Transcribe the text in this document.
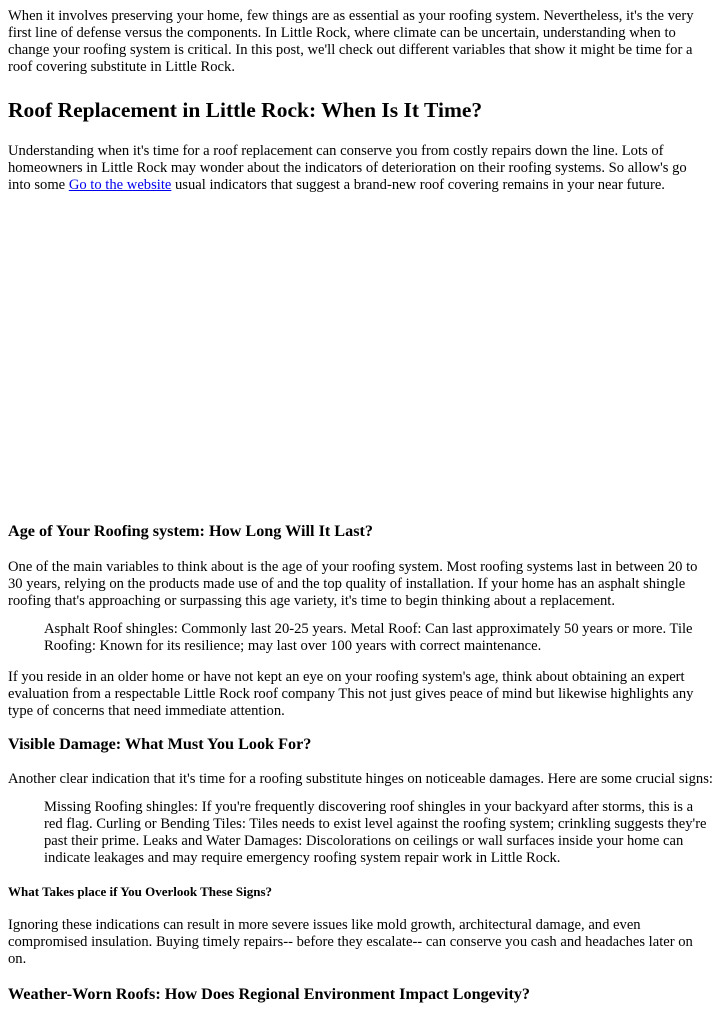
When it involves preserving your home, few things are as essential as your roofing system. Nevertheless, it's the very first line of defense versus the components. In Little Rock, where climate can be uncertain, understanding when to change your roofing system is critical. In this post, we'll check out different variables that show it might be time for a roof covering substitute in Little Rock.

Roof Replacement in Little Rock: When Is It Time?

Understanding when it's time for a roof replacement can conserve you from costly repairs down the line. Lots of homeowners in Little Rock may wonder about the indicators of deterioration on their roofing systems. So allow's go into some Go to the website usual indicators that suggest a brand-new roof covering remains in your near future.

Age of Your Roofing system: How Long Will It Last?

One of the main variables to think about is the age of your roofing system. Most roofing systems last in between 20 to 30 years, relying on the products made use of and the top quality of installation. If your home has an asphalt shingle roofing that's approaching or surpassing this age variety, it's time to begin thinking about a replacement.

Asphalt Roof shingles: Commonly last 20-25 years. Metal Roof: Can last approximately 50 years or more. Tile Roofing: Known for its resilience; may last over 100 years with correct maintenance.

If you reside in an older home or have not kept an eye on your roofing system's age, think about obtaining an expert evaluation from a respectable Little Rock roof company This not just gives peace of mind but likewise highlights any type of concerns that need immediate attention.

Visible Damage: What Must You Look For?

Another clear indication that it's time for a roofing substitute hinges on noticeable damages. Here are some crucial signs:

Missing Roofing shingles: If you're frequently discovering roof shingles in your backyard after storms, this is a red flag. Curling or Bending Tiles: Tiles needs to exist level against the roofing system; crinkling suggests they're past their prime. Leaks and Water Damages: Discolorations on ceilings or wall surfaces inside your home can indicate leakages and may require emergency roofing system repair work in Little Rock.
What Takes place if You Overlook These Signs?

Ignoring these indications can result in more severe issues like mold growth, architectural damage, and even compromised insulation. Buying timely repairs-- before they escalate-- can conserve you cash and headaches later on on.

Weather-Worn Roofs: How Does Regional Environment Impact Longevity?
